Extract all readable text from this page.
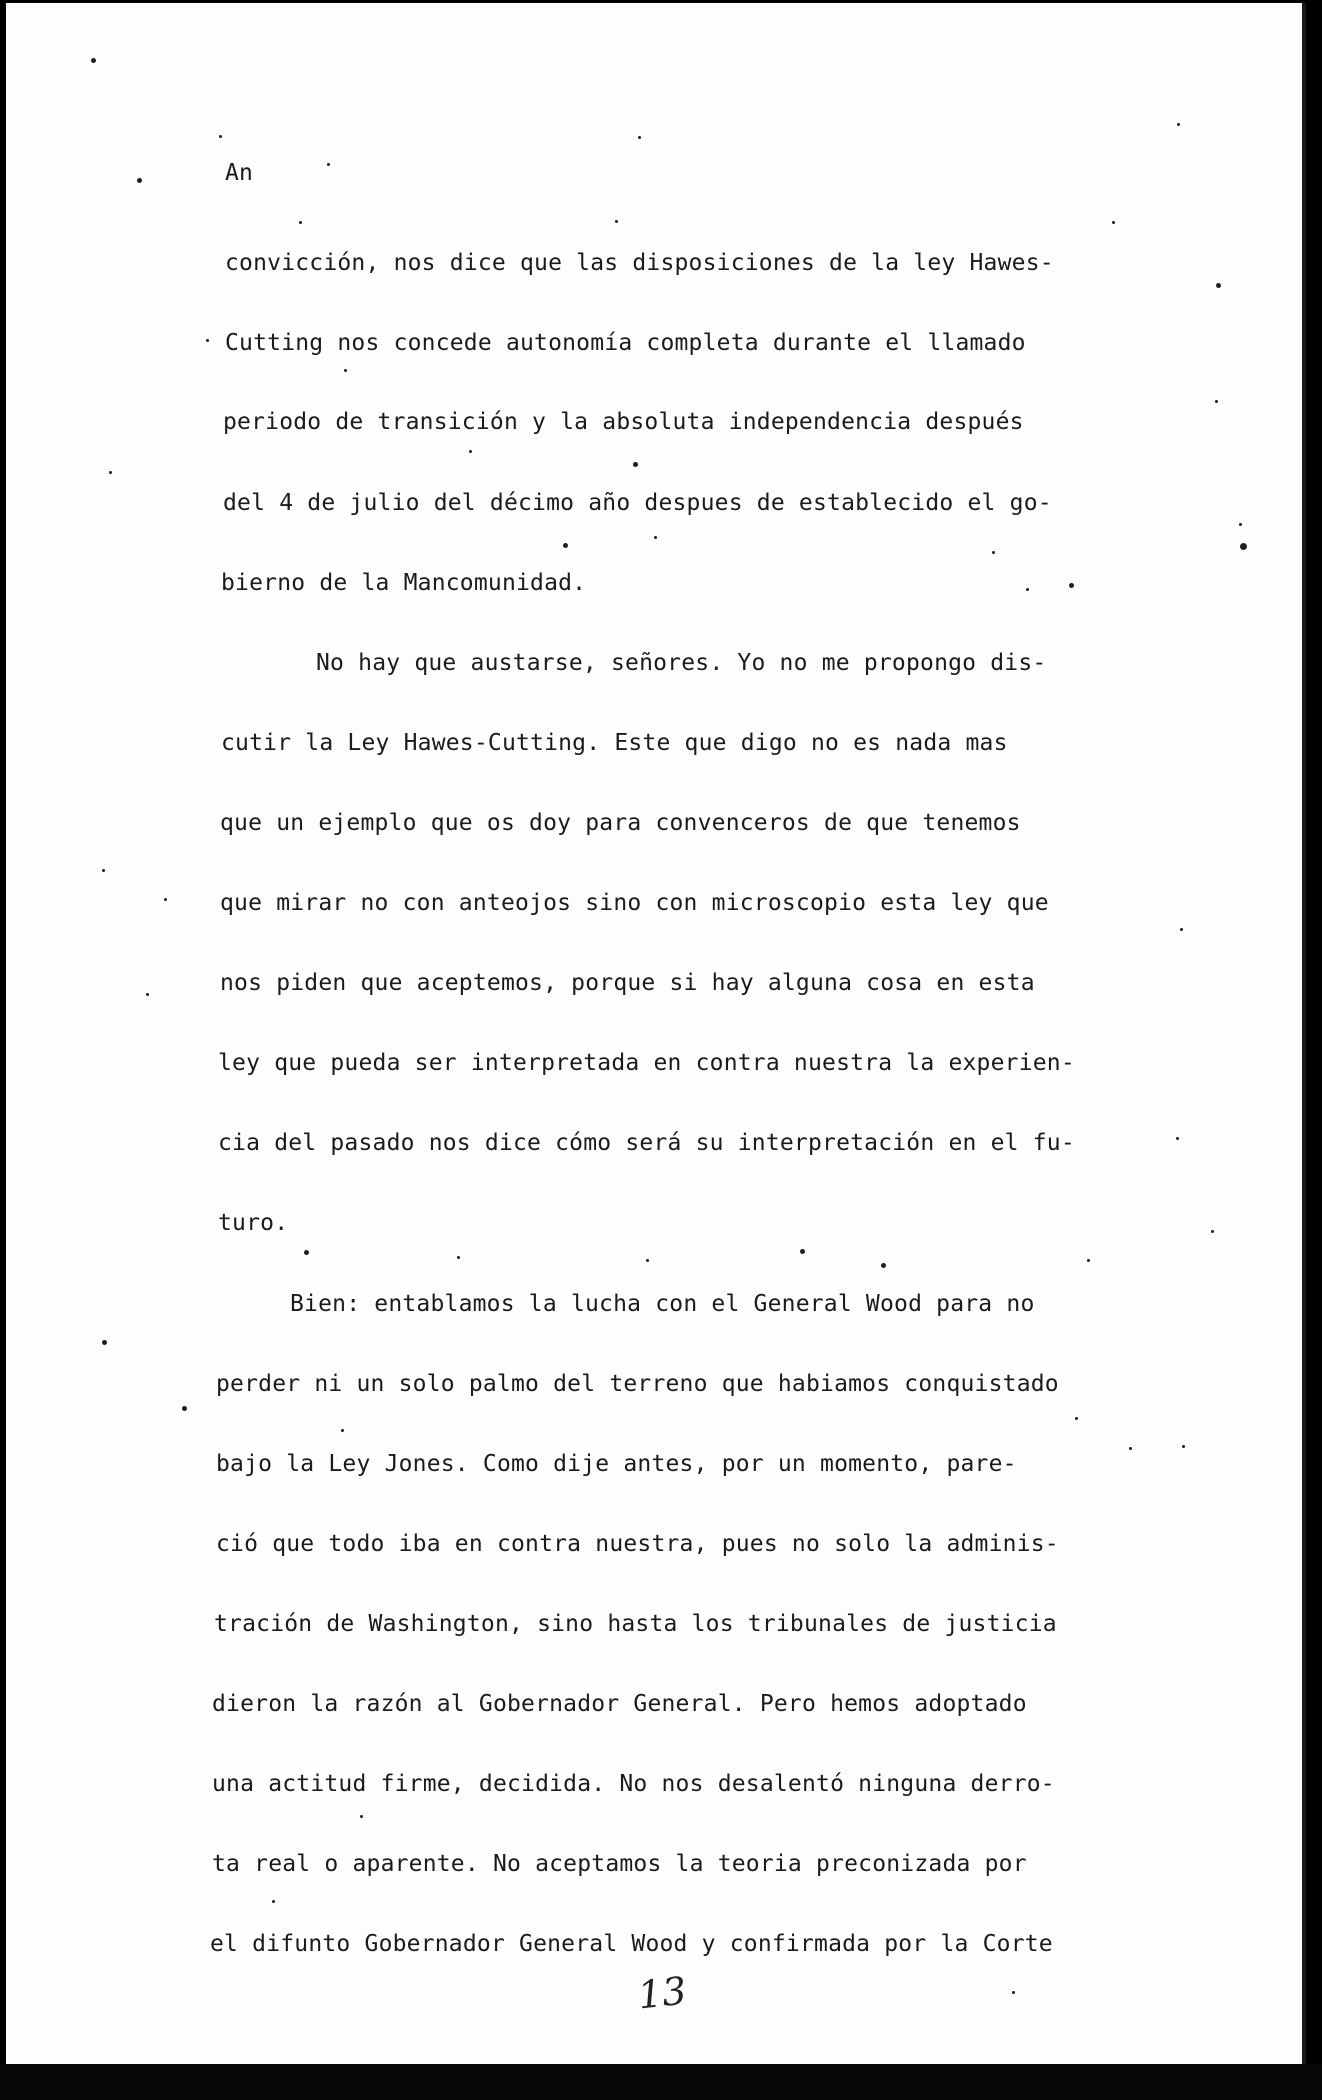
An

convicción, nos dice que las disposiciones de la ley Hawes-

Cutting nos concede autonomía completa durante el llamado

periodo de transición y la absoluta independencia después

del 4 de julio del décimo año despues de establecido el go-

bierno de la Mancomunidad.

No hay que austarse, señores. Yo no me propongo dis-

cutir la Ley Hawes-Cutting. Este que digo no es nada mas

que un ejemplo que os doy para convenceros de que tenemos

que mirar no con anteojos sino con microscopio esta ley que

nos piden que aceptemos, porque si hay alguna cosa en esta

ley que pueda ser interpretada en contra nuestra la experien-

cia del pasado nos dice cómo será su interpretación en el fu-

turo.

Bien: entablamos la lucha con el General Wood para no

perder ni un solo palmo del terreno que habiamos conquistado

bajo la Ley Jones. Como dije antes, por un momento, pare-

ció que todo iba en contra nuestra, pues no solo la adminis-

tración de Washington, sino hasta los tribunales de justicia

dieron la razón al Gobernador General. Pero hemos adoptado

una actitud firme, decidida. No nos desalentó ninguna derro-

ta real o aparente. No aceptamos la teoria preconizada por

el difunto Gobernador General Wood y confirmada por la Corte

13
